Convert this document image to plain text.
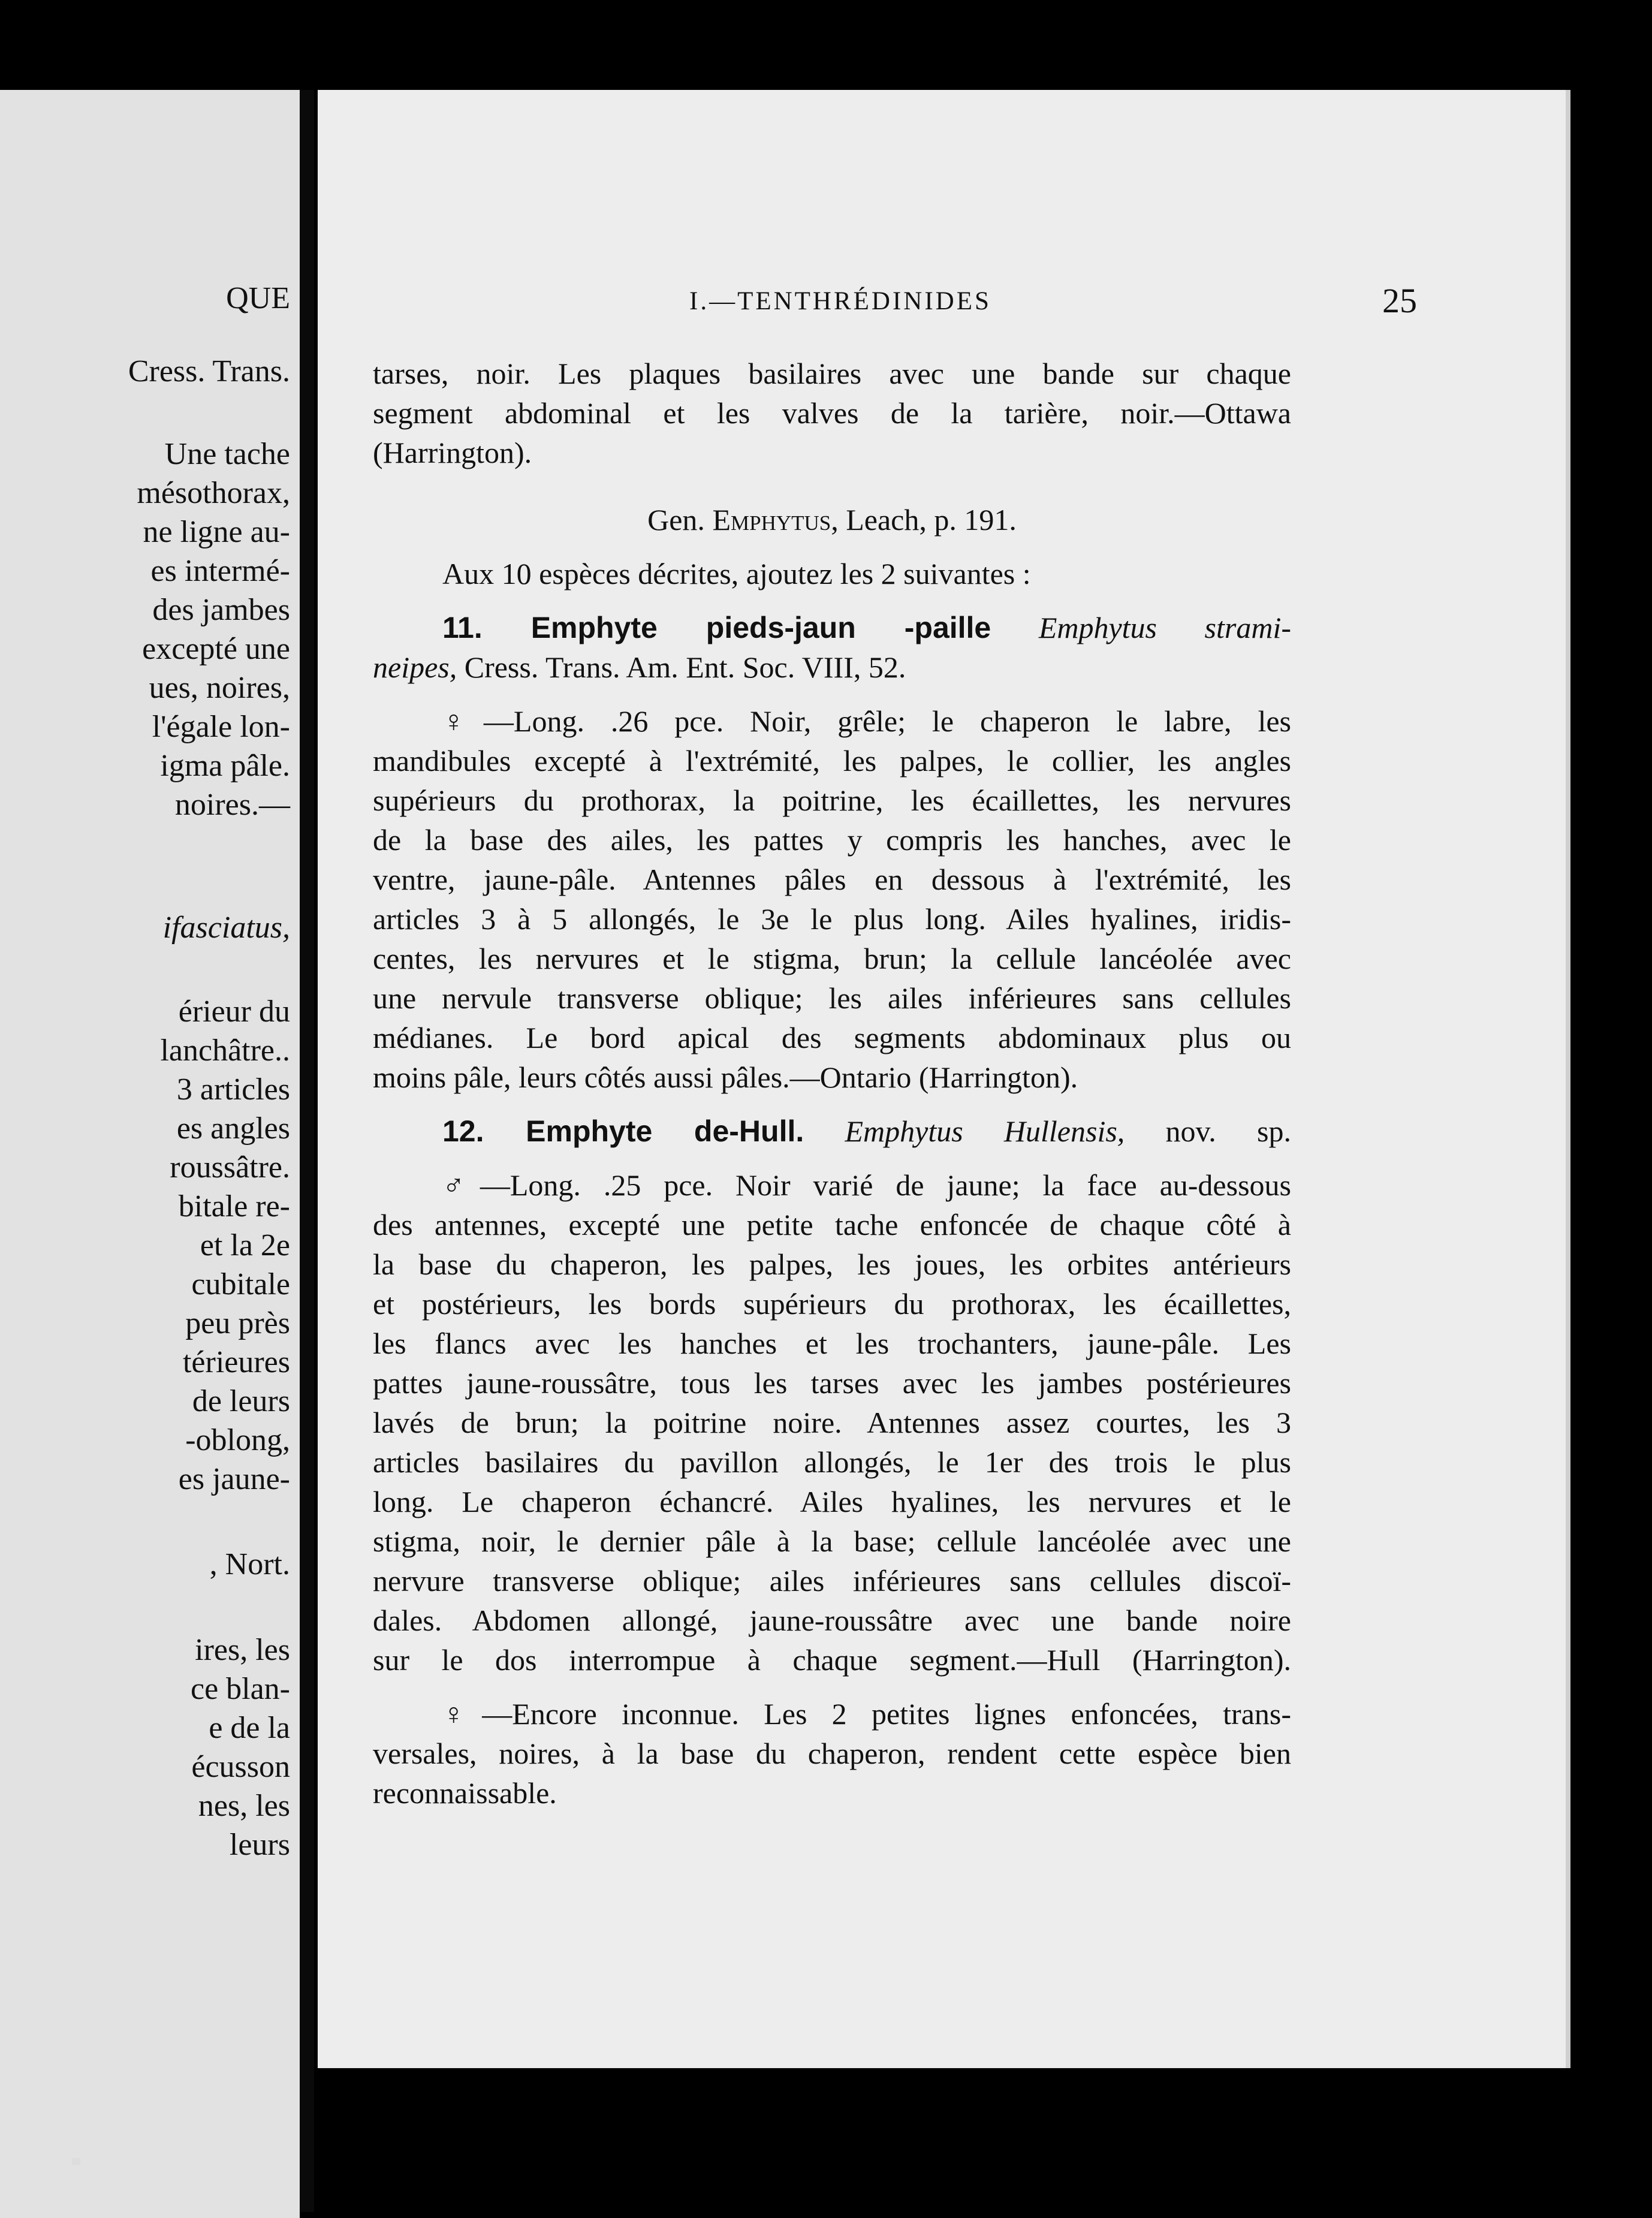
QUE

Cress. Trans.

Une tache

mésothorax,

ne ligne au-

es intermé-

des jambes

excepté une

ues, noires,

l'égale lon-

igma pâle.

noires.—

ifasciatus,

érieur du

lanchâtre..

3 articles

es angles

roussâtre.

bitale re-

et la 2e

cubitale

peu près

térieures

de leurs

-oblong,

es jaune-

, Nort.

ires, les

ce blan-

e de la

écusson

nes, les

leurs

I.—TENTHRÉDINIDES	25

tarses, noir. Les plaques basilaires avec une bande sur chaque

segment abdominal et les valves de la tarière, noir.—Ottawa

(Harrington).

Gen. Emphytus, Leach, p. 191.

Aux 10 espèces décrites, ajoutez les 2 suivantes :

11. Emphyte pieds-jaun -paille Emphytus strami-

neipes, Cress. Trans. Am. Ent. Soc. VIII, 52.

♀—Long. .26 pce. Noir, grêle; le chaperon le labre, les

mandibules excepté à l'extrémité, les palpes, le collier, les angles

supérieurs du prothorax, la poitrine, les écaillettes, les nervures

de la base des ailes, les pattes y compris les hanches, avec le

ventre, jaune-pâle. Antennes pâles en dessous à l'extrémité, les

articles 3 à 5 allongés, le 3e le plus long. Ailes hyalines, iridis-

centes, les nervures et le stigma, brun; la cellule lancéolée avec

une nervule transverse oblique; les ailes inférieures sans cellules

médianes. Le bord apical des segments abdominaux plus ou

moins pâle, leurs côtés aussi pâles.—Ontario (Harrington).

12. Emphyte de-Hull. Emphytus Hullensis, nov. sp.

♂—Long. .25 pce. Noir varié de jaune; la face au-dessous

des antennes, excepté une petite tache enfoncée de chaque côté à

la base du chaperon, les palpes, les joues, les orbites antérieurs

et postérieurs, les bords supérieurs du prothorax, les écaillettes,

les flancs avec les hanches et les trochanters, jaune-pâle. Les

pattes jaune-roussâtre, tous les tarses avec les jambes postérieures

lavés de brun; la poitrine noire. Antennes assez courtes, les 3

articles basilaires du pavillon allongés, le 1er des trois le plus

long. Le chaperon échancré. Ailes hyalines, les nervures et le

stigma, noir, le dernier pâle à la base; cellule lancéolée avec une

nervure transverse oblique; ailes inférieures sans cellules discoï-

dales. Abdomen allongé, jaune-roussâtre avec une bande noire

sur le dos interrompue à chaque segment.—Hull (Harrington).

♀—Encore inconnue. Les 2 petites lignes enfoncées, trans-

versales, noires, à la base du chaperon, rendent cette espèce bien

reconnaissable.
